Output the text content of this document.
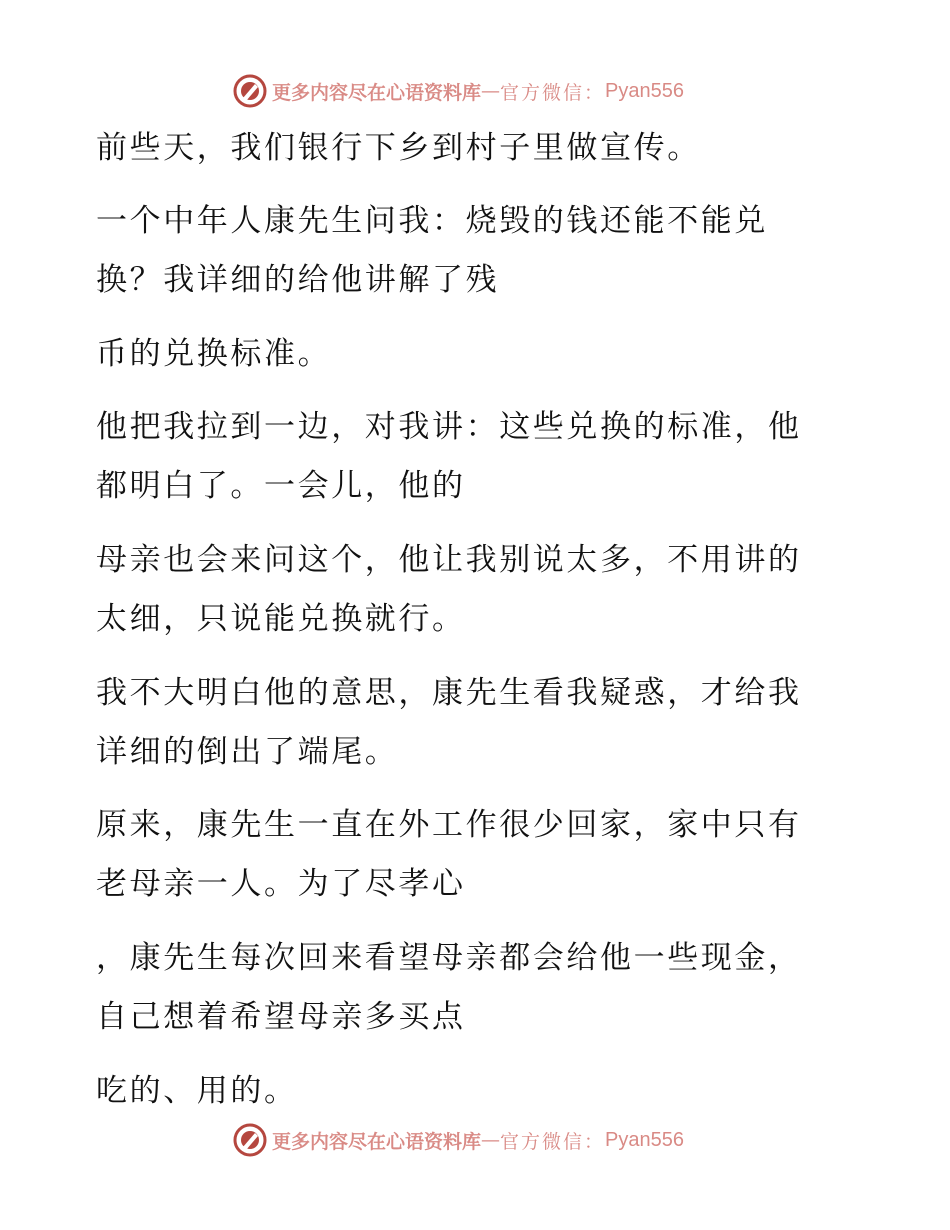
更多内容尽在心语资料库 — 官方微信： Pyan556
前些天，我们银行下乡到村子里做宣传。
一个中年人康先生问我：烧毁的钱还能不能兑
换？我详细的给他讲解了残
币的兑换标准。
他把我拉到一边，对我讲：这些兑换的标准，他
都明白了。一会儿，他的
母亲也会来问这个，他让我别说太多，不用讲的
太细，只说能兑换就行。
我不大明白他的意思，康先生看我疑惑，才给我
详细的倒出了端尾。
原来，康先生一直在外工作很少回家，家中只有
老母亲一人。为了尽孝心
，康先生每次回来看望母亲都会给他一些现金，
自己想着希望母亲多买点
吃的、用的。
更多内容尽在心语资料库 — 官方微信： Pyan556
